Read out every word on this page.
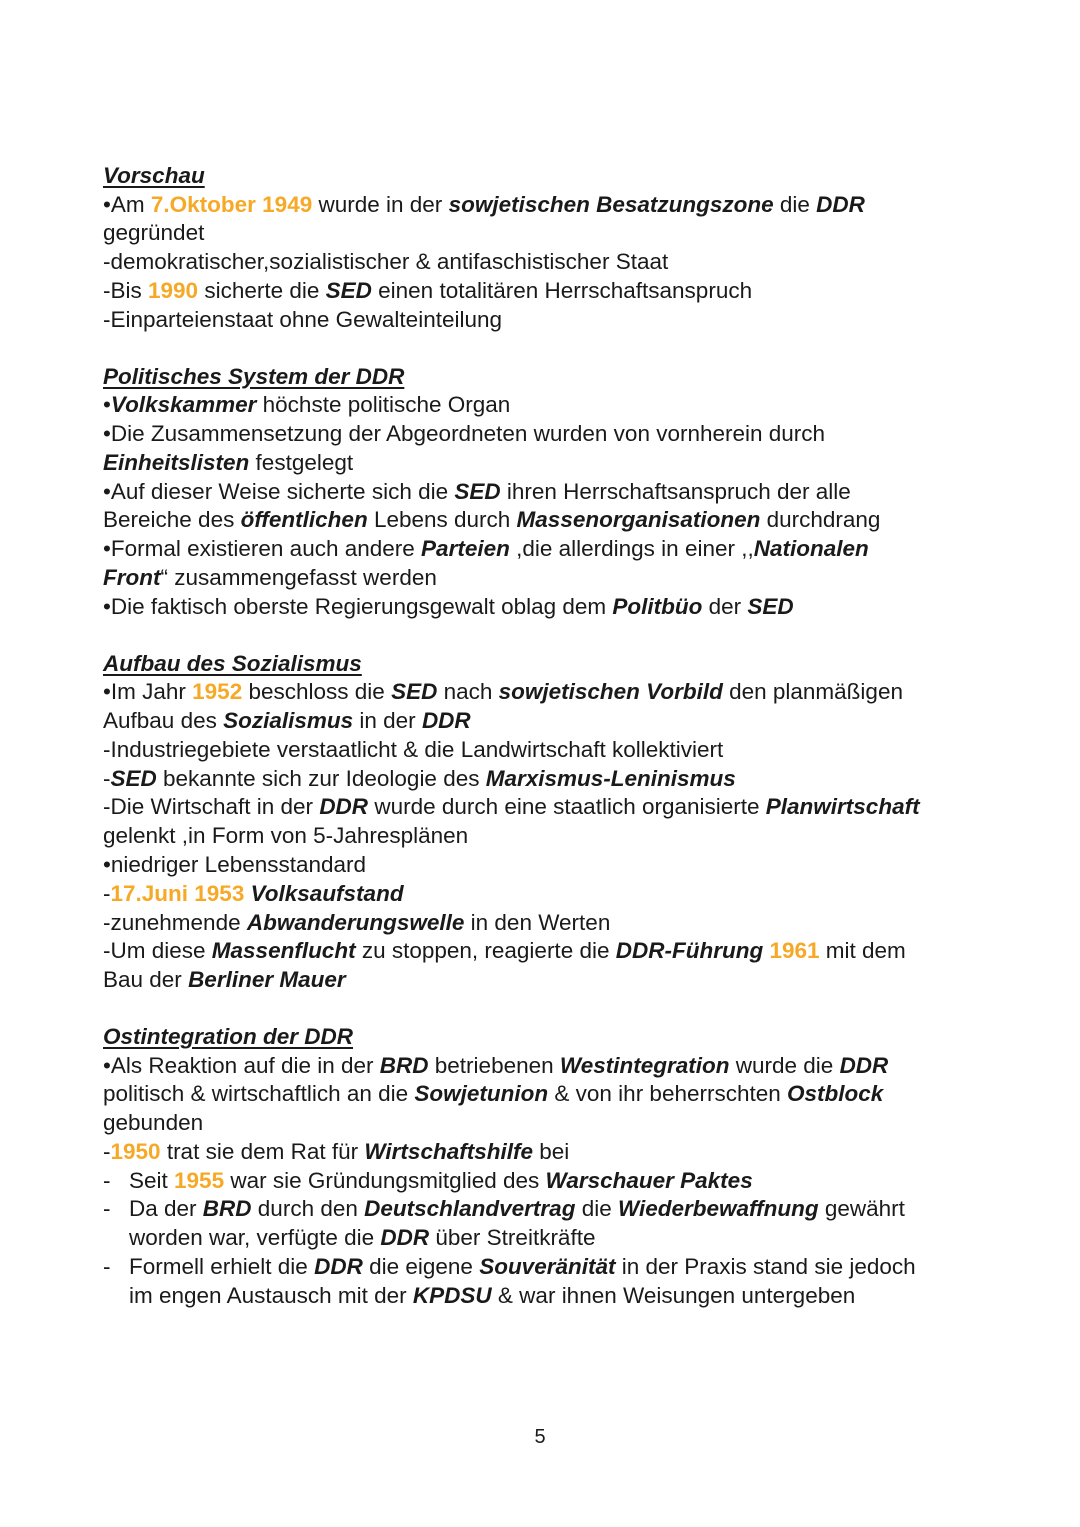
Vorschau
•Am 7.Oktober 1949 wurde in der sowjetischen Besatzungszone die DDR
gegründet
-demokratischer,sozialistischer & antifaschistischer Staat
-Bis 1990 sicherte die SED einen totalitären Herrschaftsanspruch
-Einparteienstaat ohne Gewalteinteilung
Politisches System der DDR
•Volkskammer höchste politische Organ
•Die Zusammensetzung der Abgeordneten wurden von vornherein durch
Einheitslisten festgelegt
•Auf dieser Weise sicherte sich die SED ihren Herrschaftsanspruch der alle
Bereiche des öffentlichen Lebens durch Massenorganisationen durchdrang
•Formal existieren auch andere Parteien ,die allerdings in einer ,,Nationalen
Front“ zusammengefasst werden
•Die faktisch oberste Regierungsgewalt oblag dem Politbüo der SED
Aufbau des Sozialismus
•Im Jahr 1952 beschloss die SED nach sowjetischen Vorbild den planmäßigen
Aufbau des Sozialismus in der DDR
-Industriegebiete verstaatlicht & die Landwirtschaft kollektiviert
-SED bekannte sich zur Ideologie des Marxismus-Leninismus
-Die Wirtschaft in der DDR wurde durch eine staatlich organisierte Planwirtschaft
gelenkt ,in Form von 5-Jahresplänen
•niedriger Lebensstandard
-17.Juni 1953 Volksaufstand
-zunehmende Abwanderungswelle in den Werten
-Um diese Massenflucht zu stoppen, reagierte die DDR-Führung 1961 mit dem
Bau der Berliner Mauer
Ostintegration der DDR
•Als Reaktion auf die in der BRD betriebenen Westintegration wurde die DDR
politisch & wirtschaftlich an die Sowjetunion & von ihr beherrschten Ostblock
gebunden
-1950 trat sie dem Rat für Wirtschaftshilfe bei
- Seit 1955 war sie Gründungsmitglied des Warschauer Paktes
- Da der BRD durch den Deutschlandvertrag die Wiederbewaffnung gewährt
worden war, verfügte die DDR über Streitkräfte
- Formell erhielt die DDR die eigene Souveränität in der Praxis stand sie jedoch
im engen Austausch mit der KPDSU & war ihnen Weisungen untergeben
5
